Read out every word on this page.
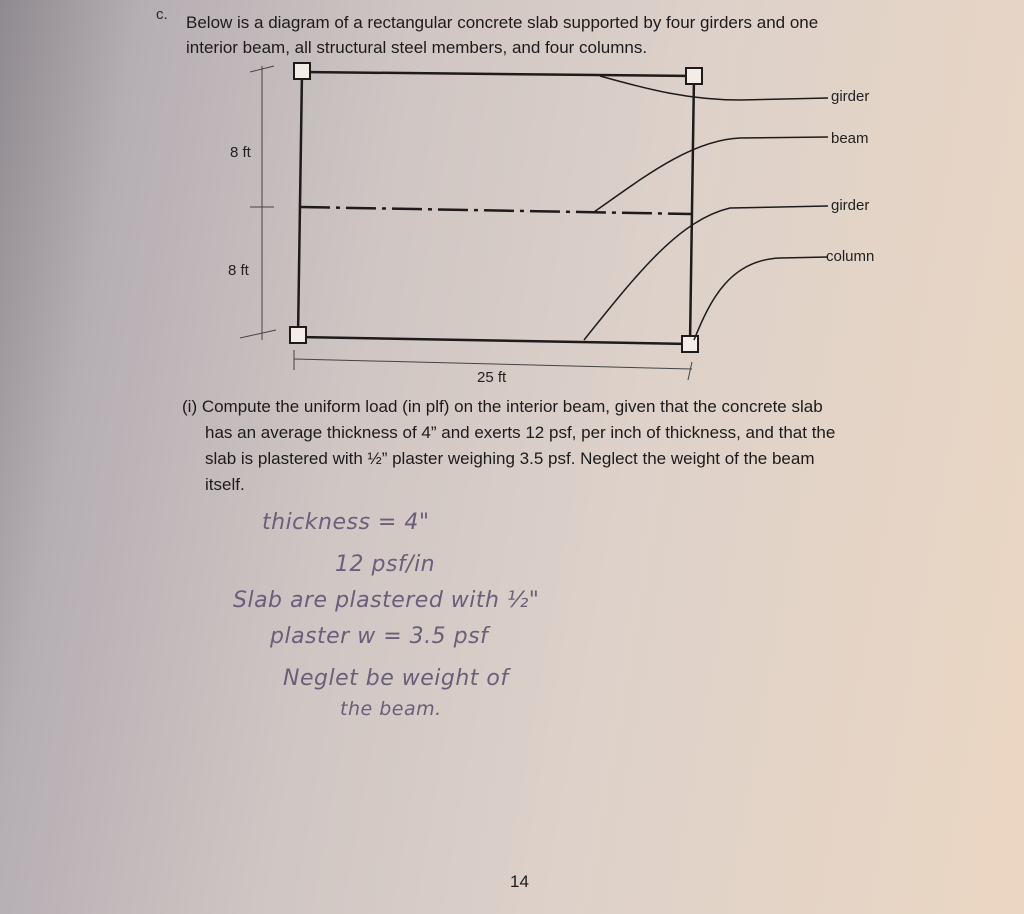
c. Below is a diagram of a rectangular concrete slab supported by four girders and one
interior beam, all structural steel members, and four columns.
8 ft
8 ft
girder
beam
girder
column
25 ft
(i) Compute the uniform load (in plf) on the interior beam, given that the concrete slab
has an average thickness of 4” and exerts 12 psf, per inch of thickness, and that the
slab is plastered with ½” plaster weighing 3.5 psf. Neglect the weight of the beam
itself.
thickness = 4"
12 psf/in
Slab are plastered with ½"
plaster w = 3.5 psf
Neglet be weight of
the beam.
14
